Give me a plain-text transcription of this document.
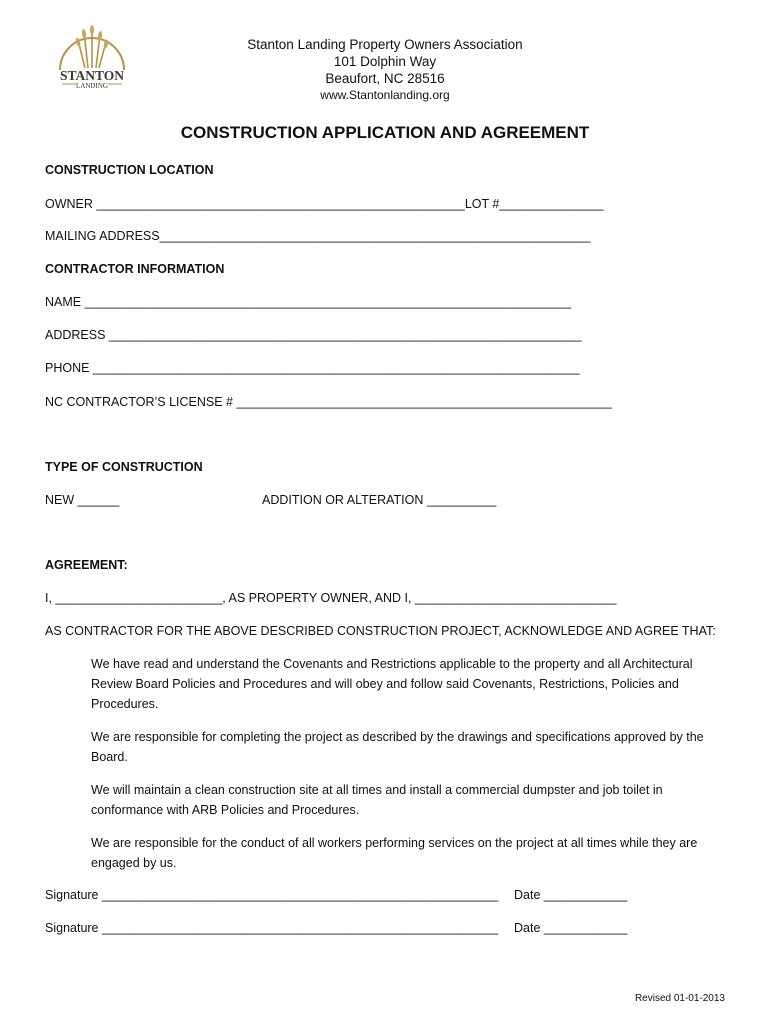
STANTON
LANDING
Stanton Landing Property Owners Association
101 Dolphin Way
Beaufort, NC 28516
www.Stantonlanding.org
CONSTRUCTION APPLICATION AND AGREEMENT
CONSTRUCTION LOCATION
OWNER _____________________________________________________LOT #_______________
MAILING ADDRESS______________________________________________________________
CONTRACTOR INFORMATION
NAME ______________________________________________________________________
ADDRESS ____________________________________________________________________
PHONE ______________________________________________________________________
NC CONTRACTOR’S LICENSE # ______________________________________________________
TYPE OF CONSTRUCTION
NEW ______	ADDITION OR ALTERATION __________
AGREEMENT:
I, ________________________, AS PROPERTY OWNER, AND I, _____________________________
AS CONTRACTOR FOR THE ABOVE DESCRIBED CONSTRUCTION PROJECT, ACKNOWLEDGE AND AGREE THAT:
We have read and understand the Covenants and Restrictions applicable to the property and all Architectural Review Board Policies and Procedures and will obey and follow said Covenants, Restrictions, Policies and Procedures.
We are responsible for completing the project as described by the drawings and specifications approved by the Board.
We will maintain a clean construction site at all times and install a commercial dumpster and job toilet in conformance with ARB Policies and Procedures.
We are responsible for the conduct of all workers performing services on the project at all times while they are engaged by us.
Signature _________________________________________________________ Date ____________
Signature _________________________________________________________ Date ____________
Revised 01-01-2013
